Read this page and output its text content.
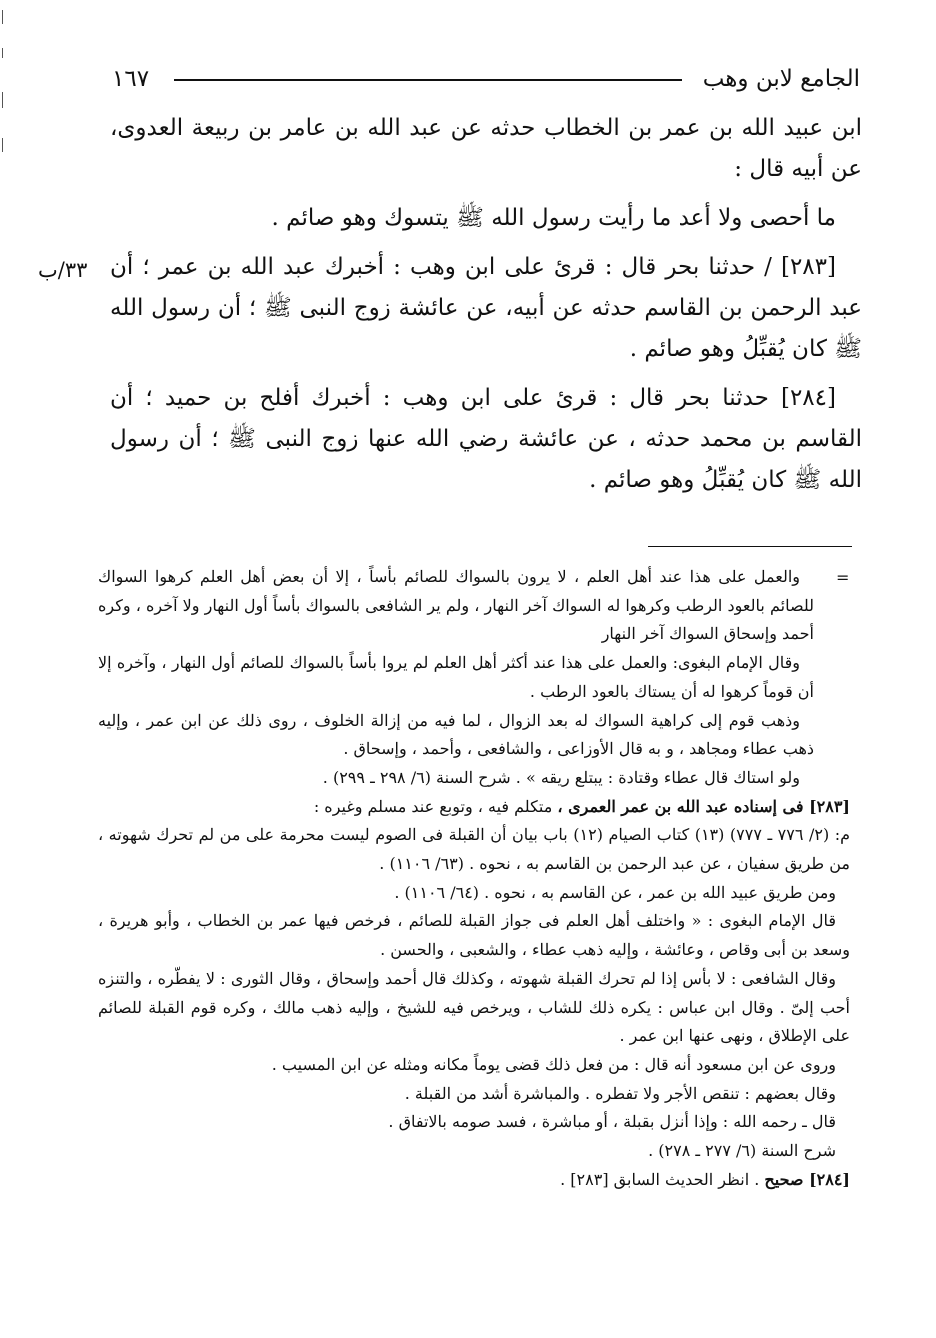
الجامع لابن وهب
١٦٧
٣٣/ب

ابن عبيد الله بن عمر بن الخطاب حدثه عن عبد الله بن عامر بن ربيعة العدوى، عن أبيه قال :

ما أحصى ولا أعد ما رأيت رسول الله ﷺ يتسوك وهو صائم .

[٢٨٣] / حدثنا بحر قال : قرئ على ابن وهب : أخبرك عبد الله بن عمر ؛ أن عبد الرحمن بن القاسم حدثه عن أبيه، عن عائشة زوج النبى ﷺ ؛ أن رسول الله ﷺ كان يُقبِّلُ وهو صائم .

[٢٨٤] حدثنا بحر قال : قرئ على ابن وهب : أخبرك أفلح بن حميد ؛ أن القاسم بن محمد حدثه ، عن عائشة رضي الله عنها زوج النبى ﷺ ؛ أن رسول الله ﷺ كان يُقبِّلُ وهو صائم .

=

والعمل على هذا عند أهل العلم ، لا يرون بالسواك للصائم بأساً ، إلا أن بعض أهل العلم كرهوا السواك للصائم بالعود الرطب وكرهوا له السواك آخر النهار ، ولم ير الشافعى بالسواك بأساً أول النهار ولا آخره ، وكره أحمد وإسحاق السواك آخر النهار

وقال الإمام البغوى: والعمل على هذا عند أكثر أهل العلم لم يروا بأساً بالسواك للصائم أول النهار ، وآخره إلا أن قوماً كرهوا له أن يستاك بالعود الرطب .

وذهب قوم إلى كراهية السواك له بعد الزوال ، لما فيه من إزالة الخلوف ، روى ذلك عن ابن عمر ، وإليه ذهب عطاء ومجاهد ، و به قال الأوزاعى ، والشافعى ، وأحمد ، وإسحاق .

ولو استاك قال عطاء وقتادة : يبتلع ريقه » . شرح السنة (٦/ ٢٩٨ ـ ٢٩٩) .

[٢٨٣] فى إسناده عبد الله بن عمر العمرى ، متكلم فيه ، وتوبع عند مسلم وغيره :

م: (٢/ ٧٧٦ ـ ٧٧٧) (١٣) كتاب الصيام (١٢) باب بيان أن القبلة فى الصوم ليست محرمة على من لم تحرك شهوته ، من طريق سفيان ، عن عبد الرحمن بن القاسم به ، نحوه . (٦٣/ ١١٠٦) .

ومن طريق عبيد الله بن عمر ، عن القاسم به ، نحوه . (٦٤/ ١١٠٦) .

قال الإمام البغوى : « واختلف أهل العلم فى جواز القبلة للصائم ، فرخص فيها عمر بن الخطاب ، وأبو هريرة ، وسعد بن أبى وقاص ، وعائشة ، وإليه ذهب عطاء ، والشعبى ، والحسن .

وقال الشافعى : لا بأس إذا لم تحرك القبلة شهوته ، وكذلك قال أحمد وإسحاق ، وقال الثورى : لا يفطّره ، والتنزه أحب إلىّ . وقال ابن عباس : يكره ذلك للشاب ، ويرخص فيه للشيخ ، وإليه ذهب مالك ، وكره قوم القبلة للصائم على الإطلاق ، ونهى عنها ابن عمر .

وروى عن ابن مسعود أنه قال : من فعل ذلك قضى يوماً مكانه ومثله عن ابن المسيب .

وقال بعضهم : تنقص الأجر ولا تفطره . والمباشرة أشد من القبلة .

قال ـ رحمه الله : وإذا أنزل بقبلة ، أو مباشرة ، فسد صومه بالاتفاق .

شرح السنة (٦/ ٢٧٧ ـ ٢٧٨) .

[٢٨٤] صحيح . انظر الحديث السابق [٢٨٣] .
